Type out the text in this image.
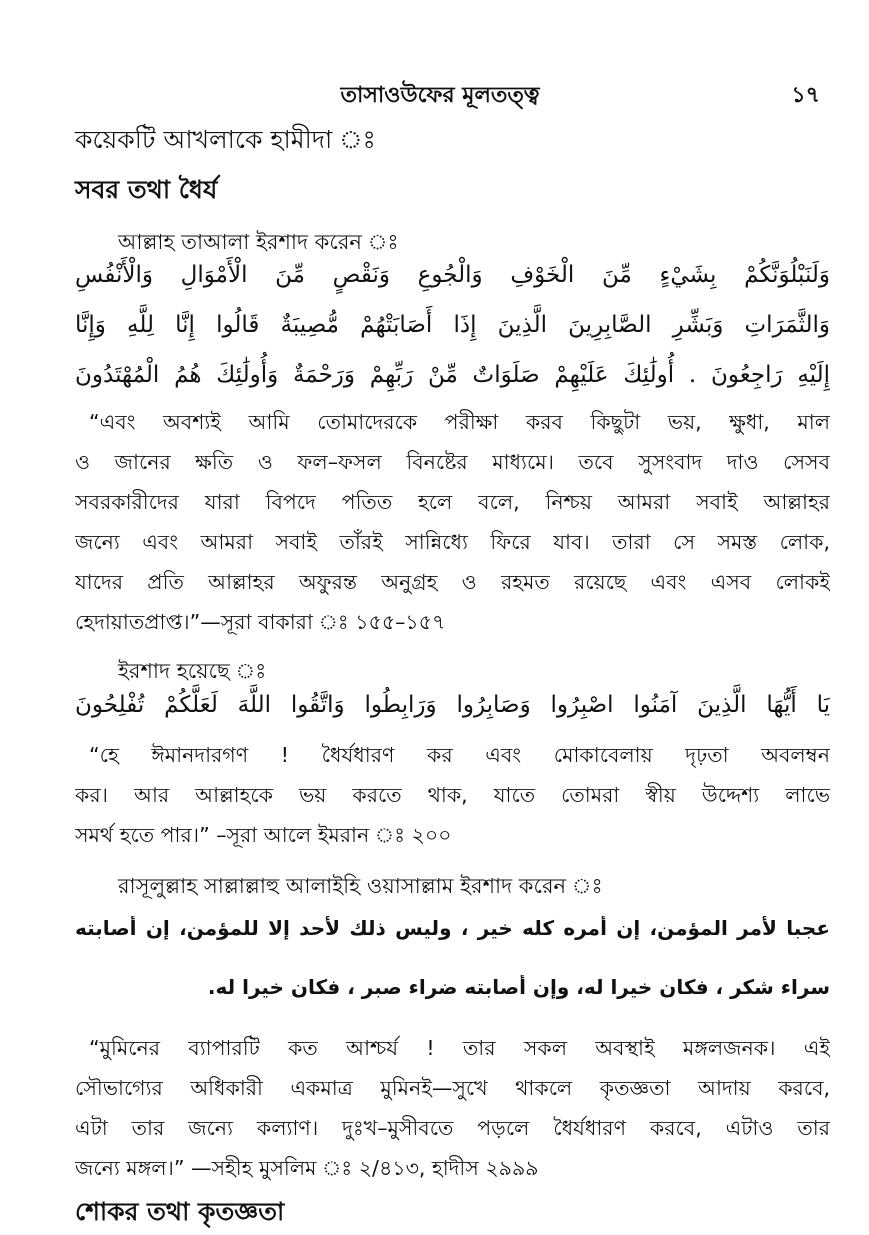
তাসাওউফের মূলতত্ত্ব	১৭
কয়েকটি আখলাকে হামীদা ঃ
সবর তথা ধৈর্য
আল্লাহ তাআলা ইরশাদ করেন ঃ
وَلَنَبْلُوَنَّكُمْ بِشَيْءٍ مِّنَ الْخَوْفِ وَالْجُوعِ وَنَقْصٍ مِّنَ الْأَمْوَالِ وَالْأَنْفُسِ
وَالثَّمَرَاتِ وَبَشِّرِ الصَّابِرِينَ الَّذِينَ إِذَا أَصَابَتْهُمْ مُّصِيبَةٌ قَالُوا إِنَّا لِلَّهِ وَإِنَّا
إِلَيْهِ رَاجِعُونَ . أُولَٰئِكَ عَلَيْهِمْ صَلَوَاتٌ مِّنْ رَبِّهِمْ وَرَحْمَةٌ وَأُولَٰئِكَ هُمُ الْمُهْتَدُونَ
“এবং অবশ্যই আমি তোমাদেরকে পরীক্ষা করব কিছুটা ভয়, ক্ষুধা, মাল
ও জানের ক্ষতি ও ফল–ফসল বিনষ্টের মাধ্যমে। তবে সুসংবাদ দাও সেসব
সবরকারীদের যারা বিপদে পতিত হলে বলে, নিশ্চয় আমরা সবাই আল্লাহর
জন্যে এবং আমরা সবাই তাঁরই সান্নিধ্যে ফিরে যাব। তারা সে সমস্ত লোক,
যাদের প্রতি আল্লাহর অফুরন্ত অনুগ্রহ ও রহমত রয়েছে এবং এসব লোকই
হেদায়াতপ্রাপ্ত।”—সূরা বাকারা ঃ ১৫৫–১৫৭
ইরশাদ হয়েছে ঃ
يَا أَيُّهَا الَّذِينَ آمَنُوا اصْبِرُوا وَصَابِرُوا وَرَابِطُوا وَاتَّقُوا اللَّهَ لَعَلَّكُمْ تُفْلِحُونَ
“হে ঈমানদারগণ ! ধৈর্যধারণ কর এবং মোকাবেলায় দৃঢ়তা অবলম্বন
কর। আর আল্লাহকে ভয় করতে থাক, যাতে তোমরা স্বীয় উদ্দেশ্য লাভে
সমর্থ হতে পার।” –সূরা আলে ইমরান ঃ ২০০
রাসূলুল্লাহ সাল্লাল্লাহু আলাইহি ওয়াসাল্লাম ইরশাদ করেন ঃ
عجبا لأمر المؤمن، إن أمره كله خير ، وليس ذلك لأحد إلا للمؤمن، إن أصابته
سراء شكر ، فكان خيرا له، وإن أصابته ضراء صبر ، فكان خيرا له.
“মুমিনের ব্যাপারটি কত আশ্চর্য ! তার সকল অবস্থাই মঙ্গলজনক। এই
সৌভাগ্যের অধিকারী একমাত্র মুমিনই—সুখে থাকলে কৃতজ্ঞতা আদায় করবে,
এটা তার জন্যে কল্যাণ। দুঃখ–মুসীবতে পড়লে ধৈর্যধারণ করবে, এটাও তার
জন্যে মঙ্গল।” —সহীহ মুসলিম ঃ ২/৪১৩, হাদীস ২৯৯৯
শোকর তথা কৃতজ্ঞতা
